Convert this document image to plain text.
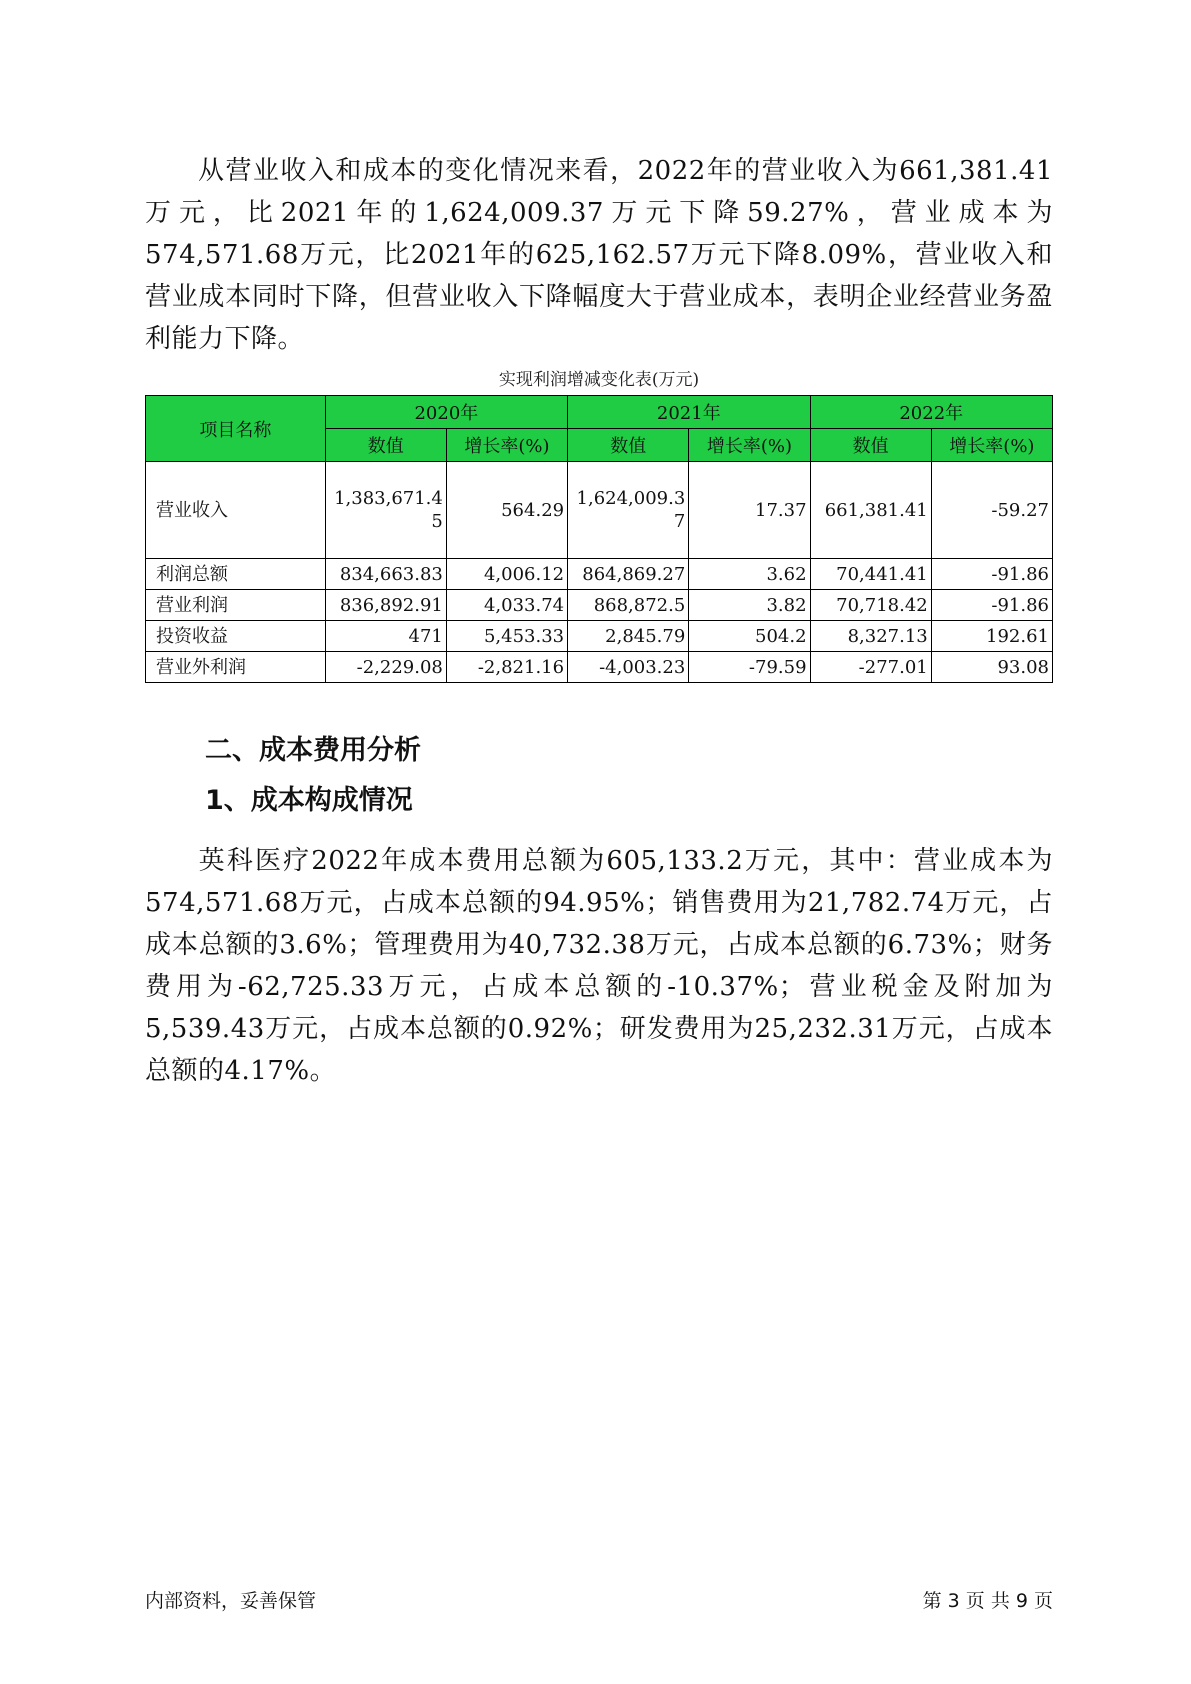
从营业收入和成本的变化情况来看，2022年的营业收入为661,381.41万元，比2021年的1,624,009.37万元下降59.27%，营业成本为574,571.68万元，比2021年的625,162.57万元下降8.09%，营业收入和营业成本同时下降，但营业收入下降幅度大于营业成本，表明企业经营业务盈利能力下降。

实现利润增减变化表(万元)

项目名称	2020年		2021年		2022年	
	数值	增长率(%)	数值	增长率(%)	数值	增长率(%)
营业收入	1,383,671.45	564.29	1,624,009.37	17.37	661,381.41	-59.27
利润总额	834,663.83	4,006.12	864,869.27	3.62	70,441.41	-91.86
营业利润	836,892.91	4,033.74	868,872.5	3.82	70,718.42	-91.86
投资收益	471	5,453.33	2,845.79	504.2	8,327.13	192.61
营业外利润	-2,229.08	-2,821.16	-4,003.23	-79.59	-277.01	93.08

二、成本费用分析

1、成本构成情况

英科医疗2022年成本费用总额为605,133.2万元，其中：营业成本为574,571.68万元，占成本总额的94.95%；销售费用为21,782.74万元，占成本总额的3.6%；管理费用为40,732.38万元，占成本总额的6.73%；财务费用为-62,725.33万元，占成本总额的-10.37%；营业税金及附加为5,539.43万元，占成本总额的0.92%；研发费用为25,232.31万元，占成本总额的4.17%。

内部资料，妥善保管	第 3 页 共 9 页
